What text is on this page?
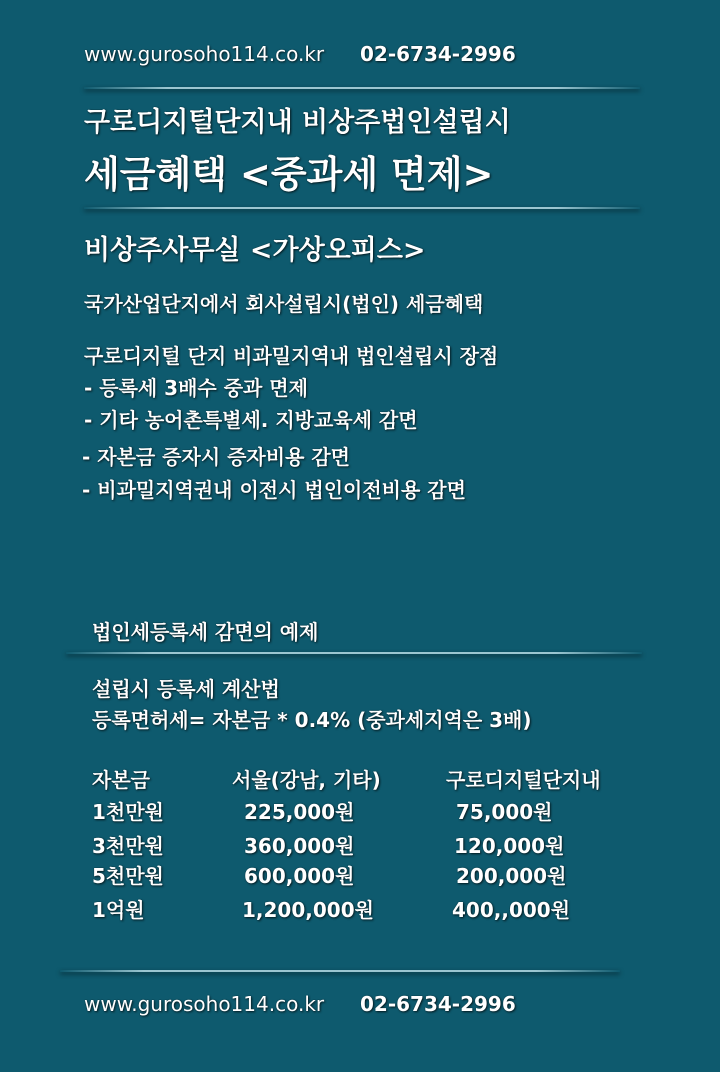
www.gurosoho114.co.kr 02-6734-2996
구로디지털단지내 비상주법인설립시
세금혜택 <중과세 면제>
비상주사무실 <가상오피스>
국가산업단지에서 회사설립시(법인) 세금혜택
구로디지털 단지 비과밀지역내 법인설립시 장점
- 등록세 3배수 중과 면제
- 기타 농어촌특별세. 지방교육세 감면
- 자본금 증자시 증자비용 감면
- 비과밀지역권내 이전시 법인이전비용 감면
법인세등록세 감면의 예제
설립시 등록세 계산법
등록면허세= 자본금 * 0.4% (중과세지역은 3배)
자본금	서울(강남, 기타)	구로디지털단지내
1천만원	225,000원	75,000원
3천만원	360,000원	120,000원
5천만원	600,000원	200,000원
1억원	1,200,000원	400,,000원
www.gurosoho114.co.kr 02-6734-2996
